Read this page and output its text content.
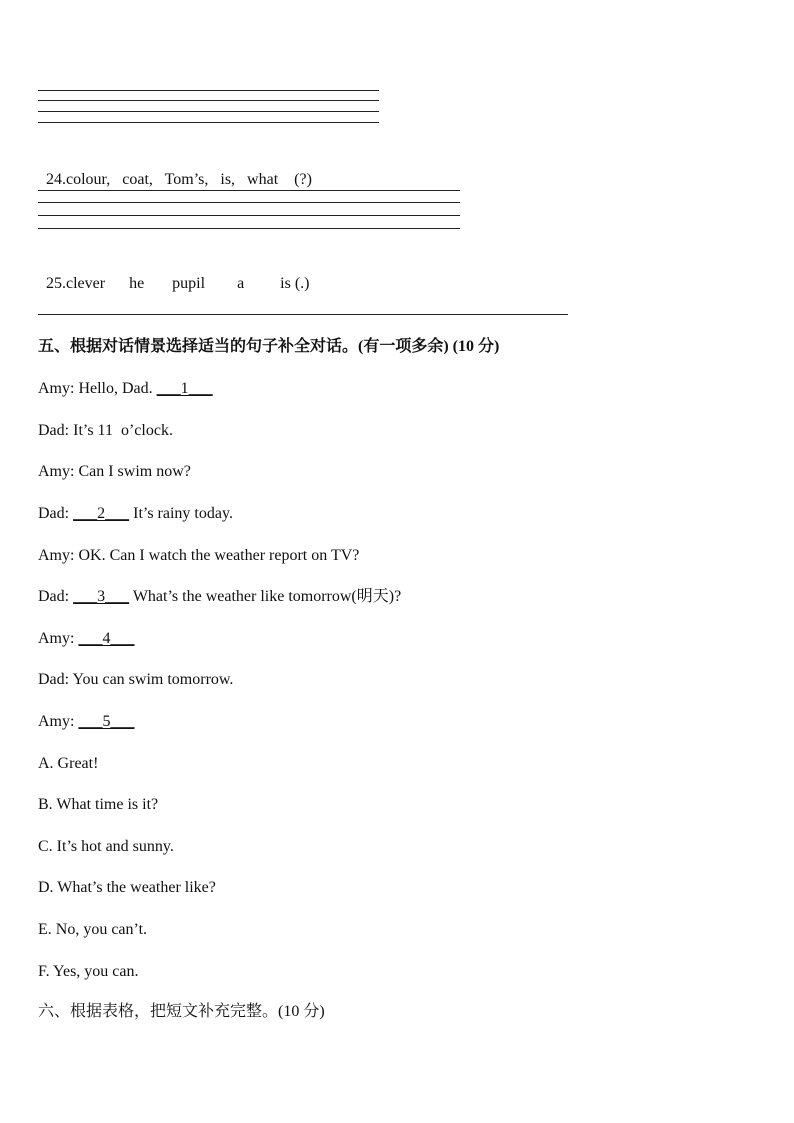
24.colour,   coat,   Tom’s,   is,   what    (?)

25.clever      he       pupil        a         is (.)

五、根据对话情景选择适当的句子补全对话。(有一项多余) (10 分)
Amy: Hello, Dad. ___1___
Dad: It’s 11  o’clock.
Amy: Can I swim now?
Dad: ___2___ It’s rainy today.
Amy: OK. Can I watch the weather report on TV?
Dad: ___3___ What’s the weather like tomorrow(明天)?
Amy: ___4___
Dad: You can swim tomorrow.
Amy: ___5___
A. Great!
B. What time is it?
C. It’s hot and sunny.
D. What’s the weather like?
E. No, you can’t.
F. Yes, you can.
六、根据表格，把短文补充完整。(10 分)
